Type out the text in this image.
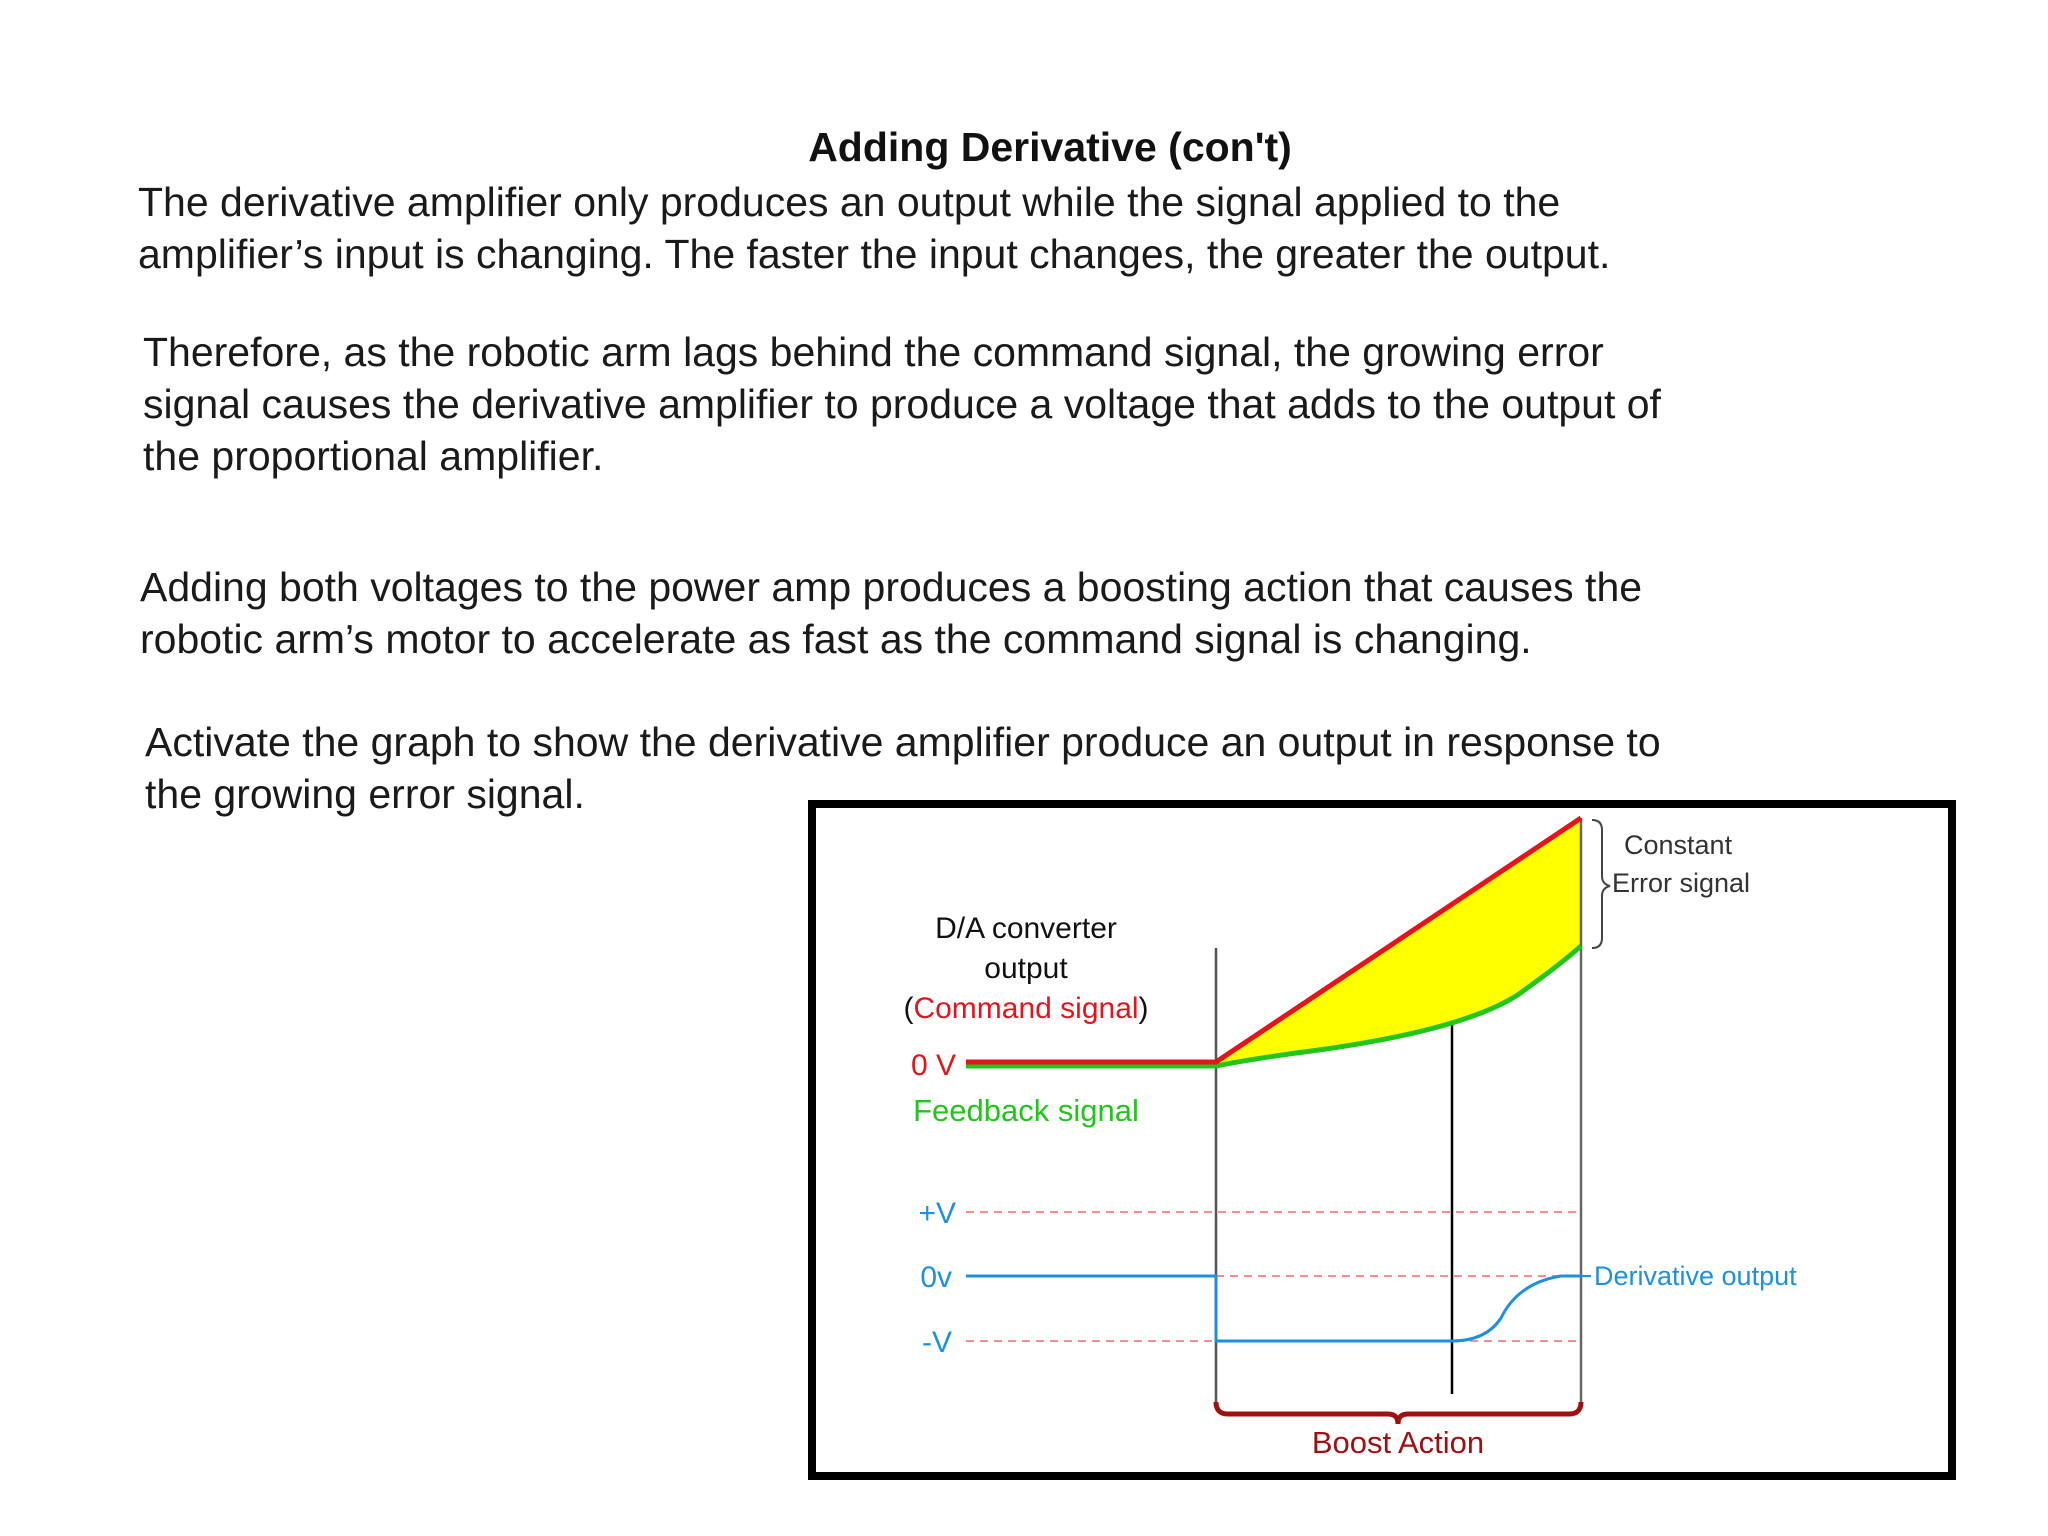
Adding Derivative (con't)
The derivative amplifier only produces an output while the signal applied to the
amplifier’s input is changing. The faster the input changes, the greater the output.
Therefore, as the robotic arm lags behind the command signal, the growing error
signal causes the derivative amplifier to produce a voltage that adds to the output of
the proportional amplifier.
Adding both voltages to the power amp produces a boosting action that causes the
robotic arm’s motor to accelerate as fast as the command signal is changing.
Activate the graph to show the derivative amplifier produce an output in response to
the growing error signal.
D/A converter
output
(Command signal)
0 V
Feedback signal
Constant
Error signal
+V
0v
-V
Derivative output
Boost Action
